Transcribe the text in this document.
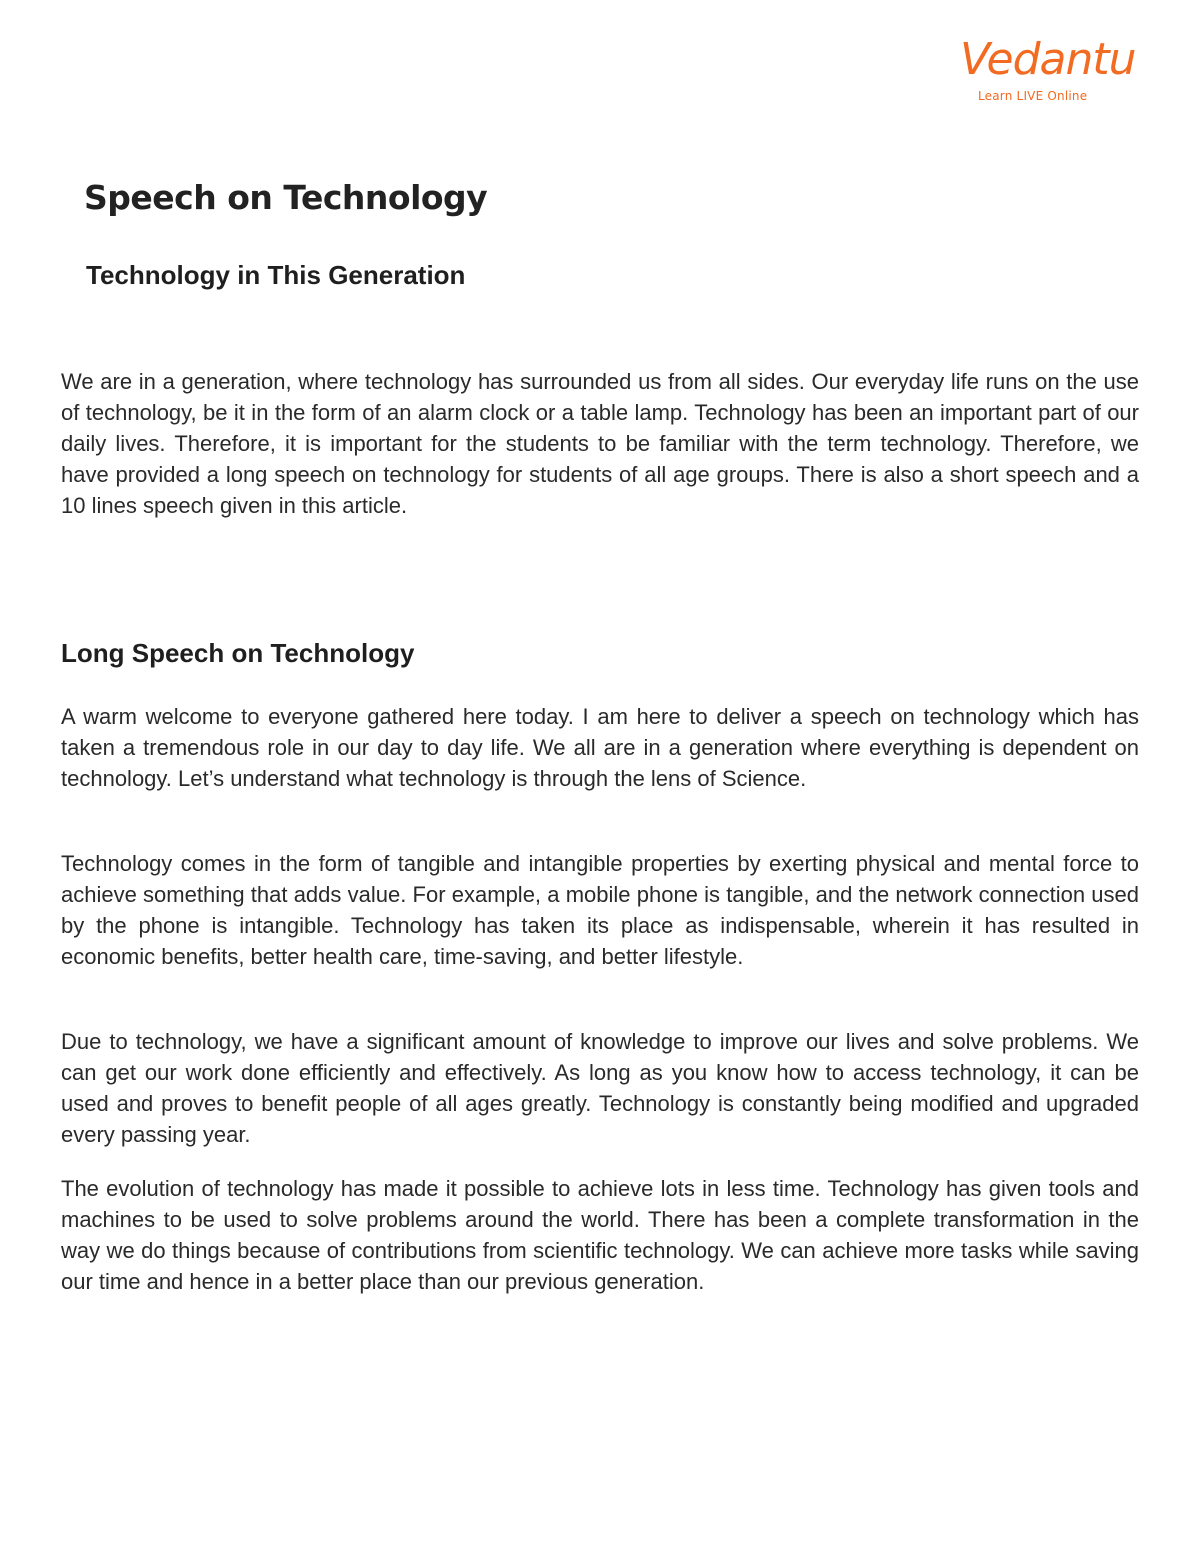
Vedantu
Learn LIVE Online
Speech on Technology
Technology in This Generation

We are in a generation, where technology has surrounded us from all sides. Our everyday life runs on the use of technology, be it in the form of an alarm clock or a table lamp. Technology has been an important part of our daily lives. Therefore, it is important for the students to be familiar with the term technology. Therefore, we have provided a long speech on technology for students of all age groups. There is also a short speech and a 10 lines speech given in this article.

Long Speech on Technology

A warm welcome to everyone gathered here today. I am here to deliver a speech on technology which has taken a tremendous role in our day to day life. We all are in a generation where everything is dependent on technology. Let’s understand what technology is through the lens of Science.

Technology comes in the form of tangible and intangible properties by exerting physical and mental force to achieve something that adds value. For example, a mobile phone is tangible, and the network connection used by the phone is intangible. Technology has taken its place as indispensable, wherein it has resulted in economic benefits, better health care, time-saving, and better lifestyle.

Due to technology, we have a significant amount of knowledge to improve our lives and solve problems. We can get our work done efficiently and effectively. As long as you know how to access technology, it can be used and proves to benefit people of all ages greatly. Technology is constantly being modified and upgraded every passing year.

The evolution of technology has made it possible to achieve lots in less time. Technology has given tools and machines to be used to solve problems around the world. There has been a complete transformation in the way we do things because of contributions from scientific technology. We can achieve more tasks while saving our time and hence in a better place than our previous generation.
